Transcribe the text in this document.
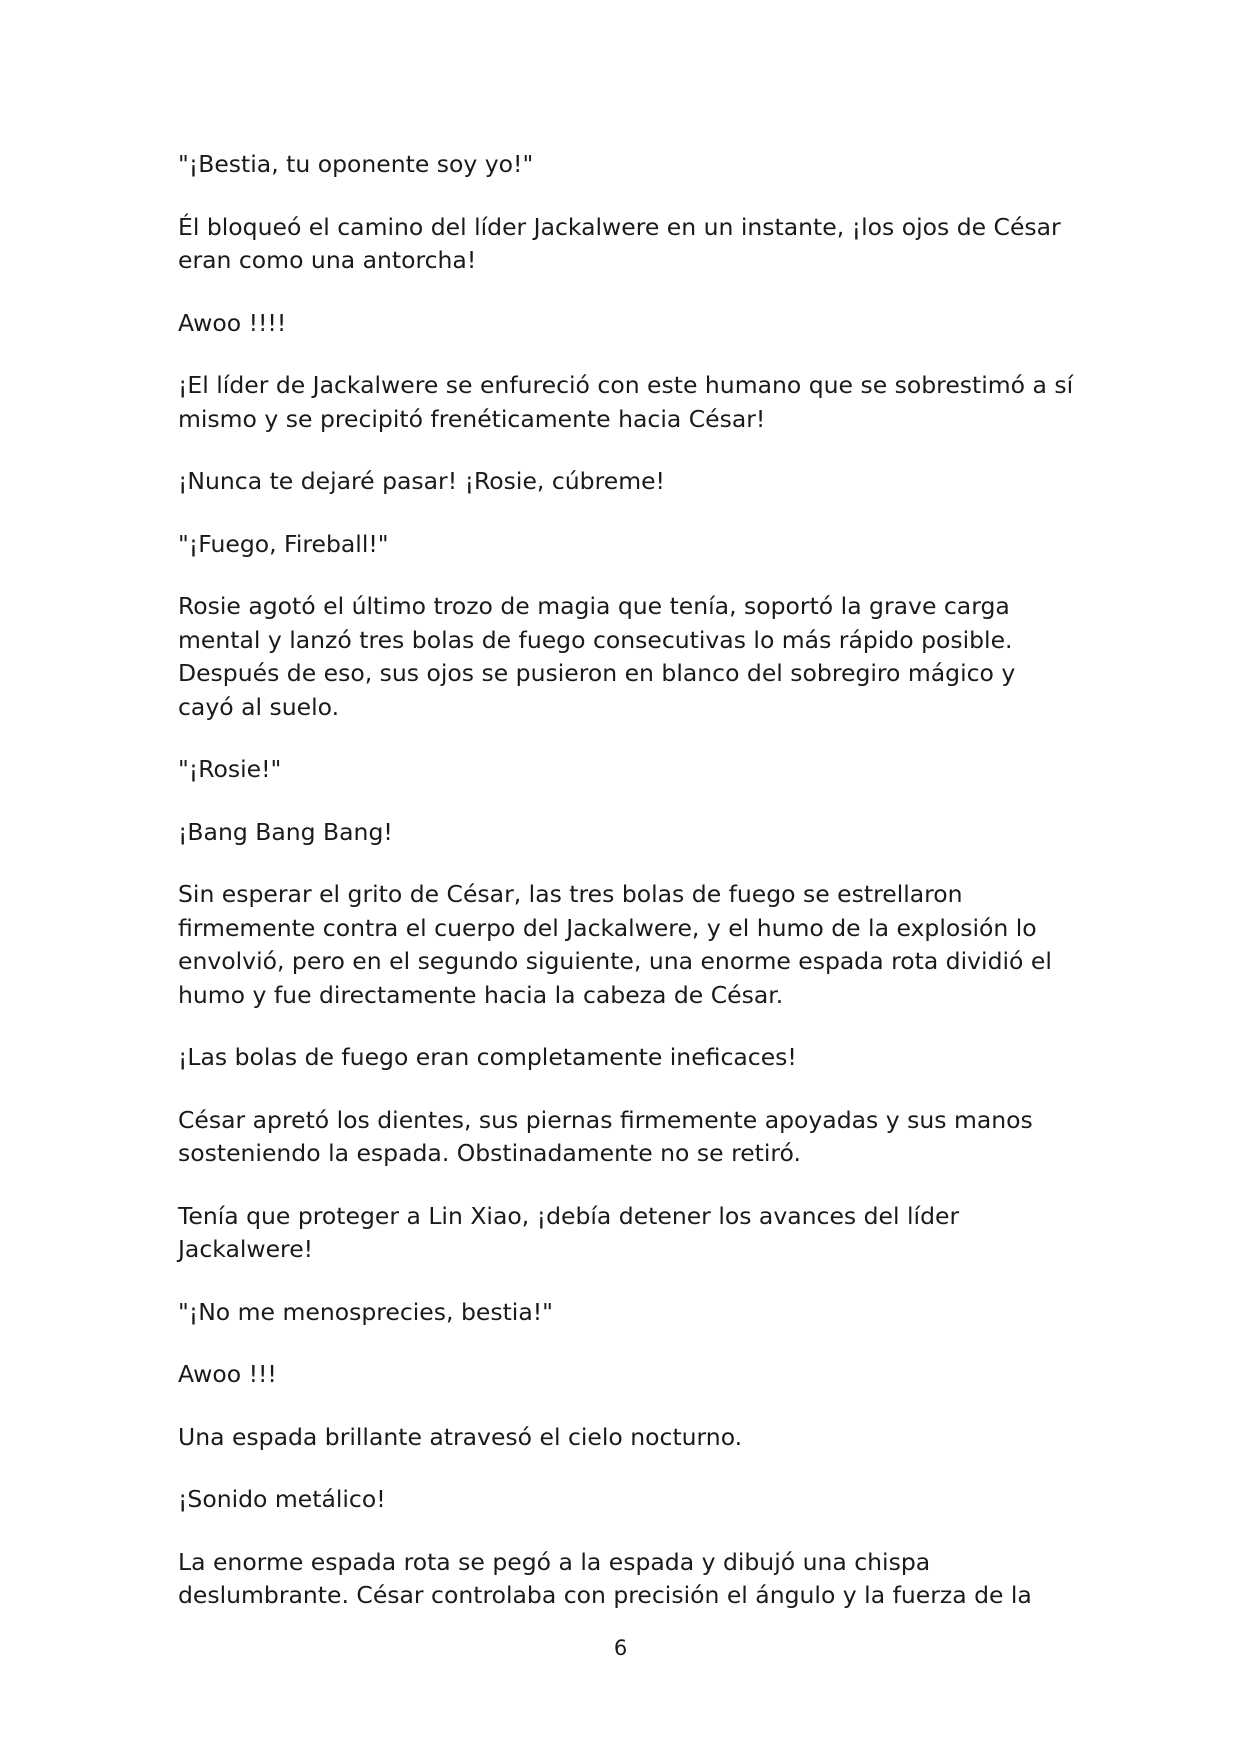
"¡Bestia, tu oponente soy yo!"

Él bloqueó el camino del líder Jackalwere en un instante, ¡los ojos de César eran como una antorcha!

Awoo !!!!

¡El líder de Jackalwere se enfureció con este humano que se sobrestimó a sí mismo y se precipitó frenéticamente hacia César!

¡Nunca te dejaré pasar! ¡Rosie, cúbreme!

"¡Fuego, Fireball!"

Rosie agotó el último trozo de magia que tenía, soportó la grave carga mental y lanzó tres bolas de fuego consecutivas lo más rápido posible. Después de eso, sus ojos se pusieron en blanco del sobregiro mágico y cayó al suelo.

"¡Rosie!"

¡Bang Bang Bang!

Sin esperar el grito de César, las tres bolas de fuego se estrellaron firmemente contra el cuerpo del Jackalwere, y el humo de la explosión lo envolvió, pero en el segundo siguiente, una enorme espada rota dividió el humo y fue directamente hacia la cabeza de César.

¡Las bolas de fuego eran completamente ineficaces!

César apretó los dientes, sus piernas firmemente apoyadas y sus manos sosteniendo la espada. Obstinadamente no se retiró.

Tenía que proteger a Lin Xiao, ¡debía detener los avances del líder Jackalwere!

"¡No me menosprecies, bestia!"

Awoo !!!

Una espada brillante atravesó el cielo nocturno.

¡Sonido metálico!

La enorme espada rota se pegó a la espada y dibujó una chispa deslumbrante. César controlaba con precisión el ángulo y la fuerza de la

6
